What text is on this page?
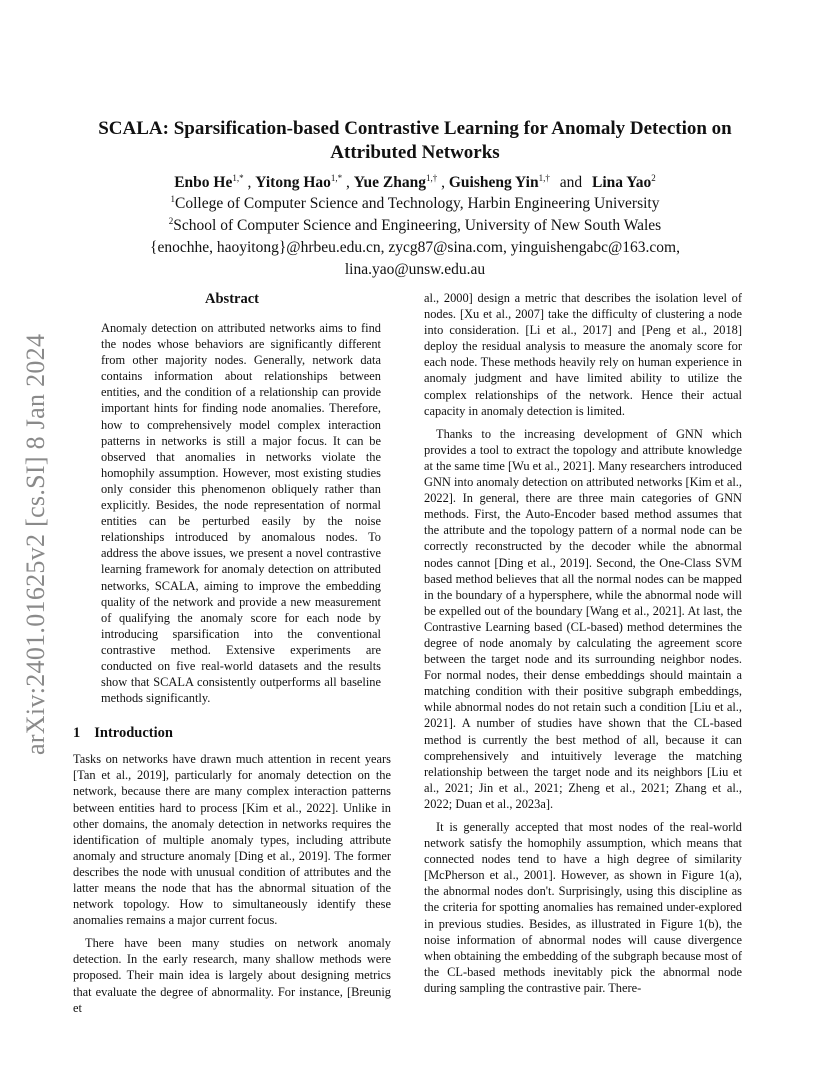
arXiv:2401.01625v2 [cs.SI] 8 Jan 2024
SCALA: Sparsification-based Contrastive Learning for Anomaly Detection on Attributed Networks
Enbo $He^{1,*}$ , Yitong Hao$^{1,*}$ , Yue Zhang$^{1,\dagger}$ , Guisheng Yin$^{1,\dagger}$ and Lina Yao$^2$
$^1$College of Computer Science and Technology, Harbin Engineering University
$^2$School of Computer Science and Engineering, University of New South Wales
{enochhe, haoyitong}@hrbeu.edu.cn, zycg87@sina.com, yinguishengabc@163.com,
lina.yao@unsw.edu.au
Abstract
Anomaly detection on attributed networks aims to find the nodes whose behaviors are significantly different from other majority nodes. Generally, network data contains information about relationships between entities, and the condition of a relationship can provide important hints for finding node anomalies. Therefore, how to comprehensively model complex interaction patterns in networks is still a major focus. It can be observed that anomalies in networks violate the homophily assumption. However, most existing studies only consider this phenomenon obliquely rather than explicitly. Besides, the node representation of normal entities can be perturbed easily by the noise relationships introduced by anomalous nodes. To address the above issues, we present a novel contrastive learning framework for anomaly detection on attributed networks, SCALA, aiming to improve the embedding quality of the network and provide a new measurement of qualifying the anomaly score for each node by introducing sparsification into the conventional contrastive method. Extensive experiments are conducted on five real-world datasets and the results show that SCALA consistently outperforms all baseline methods significantly.
1 Introduction

Tasks on networks have drawn much attention in recent years [Tan et al., 2019], particularly for anomaly detection on the network, because there are many complex interaction patterns between entities hard to process [Kim et al., 2022]. Unlike in other domains, the anomaly detection in networks requires the identification of multiple anomaly types, including attribute anomaly and structure anomaly [Ding et al., 2019]. The former describes the node with unusual condition of attributes and the latter means the node that has the abnormal situation of the network topology. How to simultaneously identify these anomalies remains a major current focus.

There have been many studies on network anomaly detection. In the early research, many shallow methods were proposed. Their main idea is largely about designing metrics that evaluate the degree of abnormality. For instance, [Breunig et

al., 2000] design a metric that describes the isolation level of nodes. [Xu et al., 2007] take the difficulty of clustering a node into consideration. [Li et al., 2017] and [Peng et al., 2018] deploy the residual analysis to measure the anomaly score for each node. These methods heavily rely on human experience in anomaly judgment and have limited ability to utilize the complex relationships of the network. Hence their actual capacity in anomaly detection is limited.

Thanks to the increasing development of GNN which provides a tool to extract the topology and attribute knowledge at the same time [Wu et al., 2021]. Many researchers introduced GNN into anomaly detection on attributed networks [Kim et al., 2022]. In general, there are three main categories of GNN methods. First, the Auto-Encoder based method assumes that the attribute and the topology pattern of a normal node can be correctly reconstructed by the decoder while the abnormal nodes cannot [Ding et al., 2019]. Second, the One-Class SVM based method believes that all the normal nodes can be mapped in the boundary of a hypersphere, while the abnormal node will be expelled out of the boundary [Wang et al., 2021]. At last, the Contrastive Learning based (CL-based) method determines the degree of node anomaly by calculating the agreement score between the target node and its surrounding neighbor nodes. For normal nodes, their dense embeddings should maintain a matching condition with their positive subgraph embeddings, while abnormal nodes do not retain such a condition [Liu et al., 2021]. A number of studies have shown that the CL-based method is currently the best method of all, because it can comprehensively and intuitively leverage the matching relationship between the target node and its neighbors [Liu et al., 2021; Jin et al., 2021; Zheng et al., 2021; Zhang et al., 2022; Duan et al., 2023a].

It is generally accepted that most nodes of the real-world network satisfy the homophily assumption, which means that connected nodes tend to have a high degree of similarity [McPherson et al., 2001]. However, as shown in Figure 1(a), the abnormal nodes don't. Surprisingly, using this discipline as the criteria for spotting anomalies has remained under-explored in previous studies. Besides, as illustrated in Figure 1(b), the noise information of abnormal nodes will cause divergence when obtaining the embedding of the subgraph because most of the CL-based methods inevitably pick the abnormal node during sampling the contrastive pair. There-
